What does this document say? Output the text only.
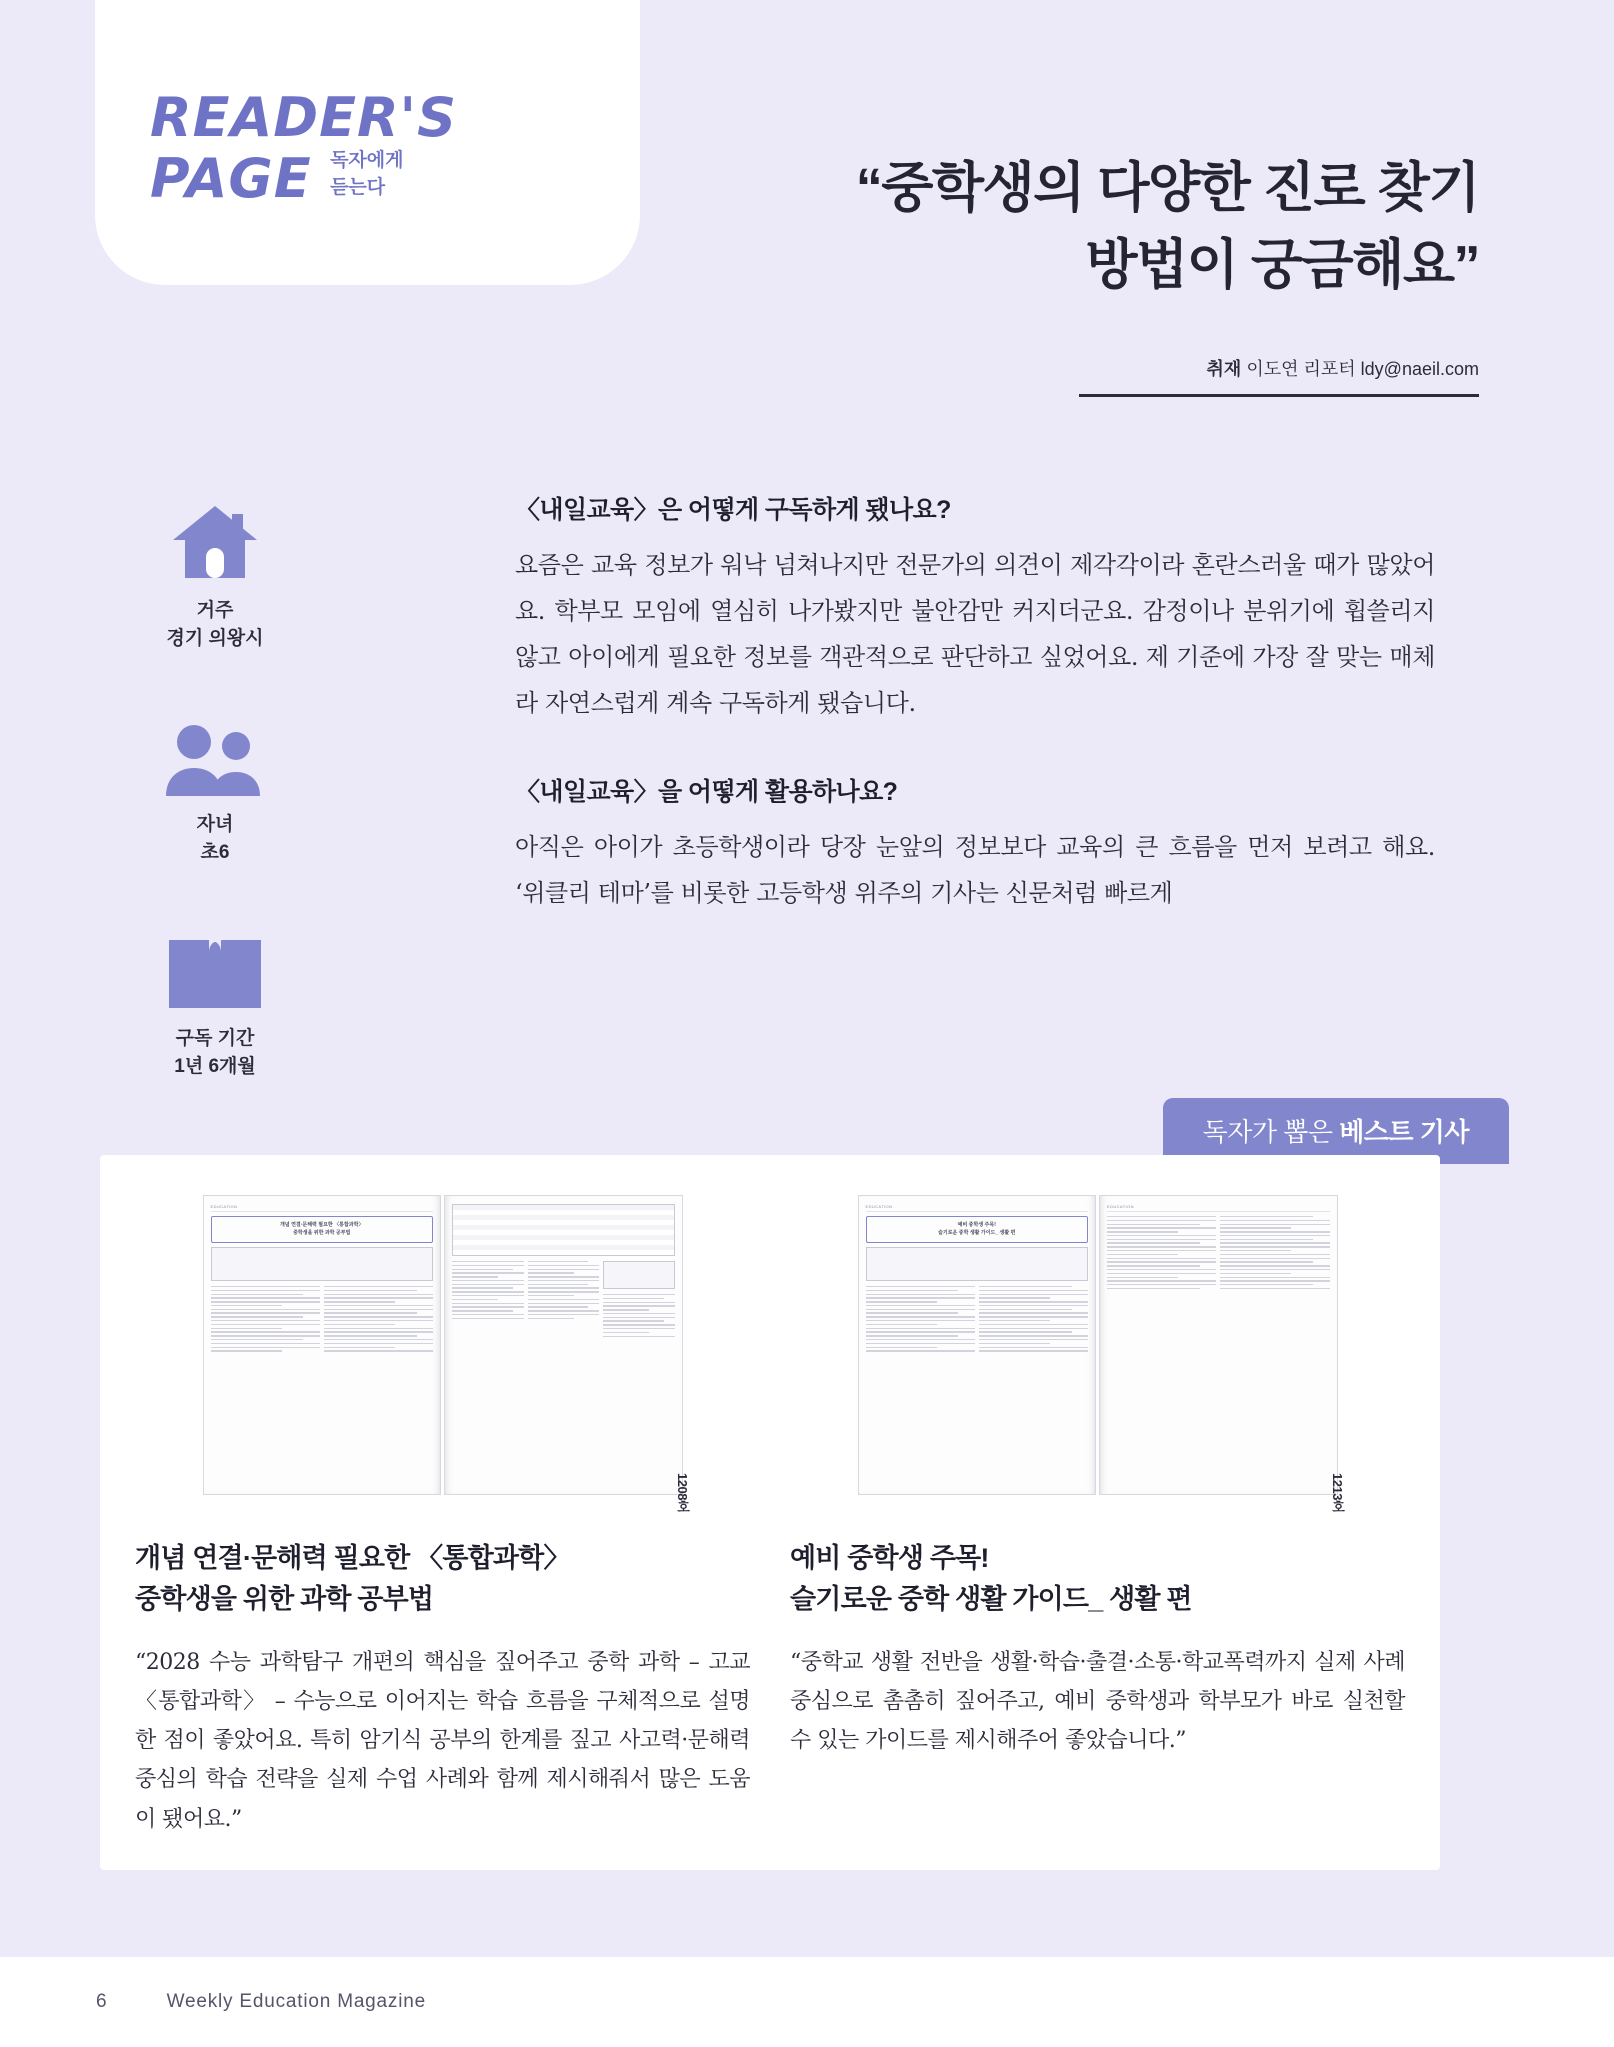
READER'S
PAGE 독자에게
듣는다	“중학생의 다양한 진로 찾기
방법이 궁금해요”
취재 이도연 리포터 ldy@naeil.com
거주
경기 의왕시
자녀
초6
구독 기간
1년 6개월
〈내일교육〉은 어떻게 구독하게 됐나요?
요즘은 교육 정보가 워낙 넘쳐나지만 전문가의 의견이 제각각이라 혼란스러울 때가 많았어요. 학부모 모임에 열심히 나가봤지만 불안감만 커지더군요. 감정이나 분위기에 휩쓸리지 않고 아이에게 필요한 정보를 객관적으로 판단하고 싶었어요. 제 기준에 가장 잘 맞는 매체라 자연스럽게 계속 구독하게 됐습니다.
〈내일교육〉을 어떻게 활용하나요?
아직은 아이가 초등학생이라 당장 눈앞의 정보보다 교육의 큰 흐름을 먼저 보려고 해요. ‘위클리 테마’를 비롯한 고등학생 위주의 기사는 신문처럼 빠르게
독자가 뽑은 베스트 기사
EDUCATION
개념 연결·문해력 필요한 〈통합과학〉
중학생을 위한 과학 공부법
1208호
개념 연결·문해력 필요한 〈통합과학〉
중학생을 위한 과학 공부법
“2028 수능 과학탐구 개편의 핵심을 짚어주고 중학 과학 – 고교 〈통합과학〉 – 수능으로 이어지는 학습 흐름을 구체적으로 설명한 점이 좋았어요. 특히 암기식 공부의 한계를 짚고 사고력·문해력 중심의 학습 전략을 실제 수업 사례와 함께 제시해줘서 많은 도움이 됐어요.”
EDUCATION
예비 중학생 주목!
슬기로운 중학 생활 가이드_ 생활 편
EDUCATION
1213호
예비 중학생 주목!
슬기로운 중학 생활 가이드_ 생활 편
“중학교 생활 전반을 생활·학습·출결·소통·학교폭력까지 실제 사례 중심으로 촘촘히 짚어주고, 예비 중학생과 학부모가 바로 실천할 수 있는 가이드를 제시해주어 좋았습니다.”
6	Weekly Education Magazine
